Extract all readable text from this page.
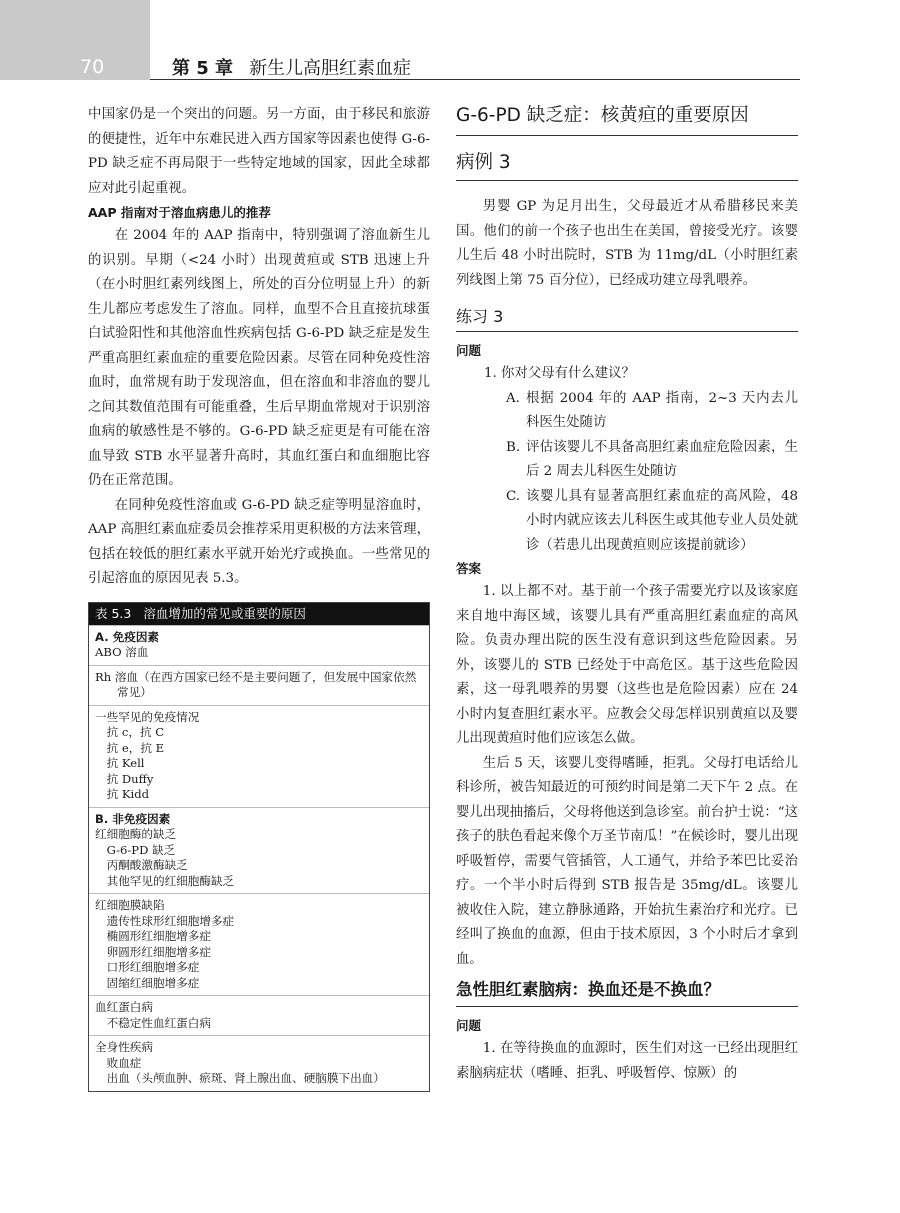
70	第 5 章 新生儿高胆红素血症

中国家仍是一个突出的问题。另一方面，由于移民和旅游的便捷性，近年中东难民进入西方国家等因素也使得 G-6-PD 缺乏症不再局限于一些特定地域的国家，因此全球都应对此引起重视。

AAP 指南对于溶血病患儿的推荐

在 2004 年的 AAP 指南中，特别强调了溶血新生儿的识别。早期（<24 小时）出现黄疸或 STB 迅速上升（在小时胆红素列线图上，所处的百分位明显上升）的新生儿都应考虑发生了溶血。同样，血型不合且直接抗球蛋白试验阳性和其他溶血性疾病包括 G-6-PD 缺乏症是发生严重高胆红素血症的重要危险因素。尽管在同种免疫性溶血时，血常规有助于发现溶血，但在溶血和非溶血的婴儿之间其数值范围有可能重叠，生后早期血常规对于识别溶血病的敏感性是不够的。G-6-PD 缺乏症更是有可能在溶血导致 STB 水平显著升高时，其血红蛋白和血细胞比容仍在正常范围。

在同种免疫性溶血或 G-6-PD 缺乏症等明显溶血时，AAP 高胆红素血症委员会推荐采用更积极的方法来管理，包括在较低的胆红素水平就开始光疗或换血。一些常见的引起溶血的原因见表 5.3。

表 5.3 溶血增加的常见或重要的原因
A. 免疫因素
ABO 溶血
Rh 溶血（在西方国家已经不是主要问题了，但发展中国家依然常见）
一些罕见的免疫情况
抗 c，抗 C
抗 e，抗 E
抗 Kell
抗 Duffy
抗 Kidd
B. 非免疫因素
红细胞酶的缺乏
G-6-PD 缺乏
丙酮酸激酶缺乏
其他罕见的红细胞酶缺乏
红细胞膜缺陷
遗传性球形红细胞增多症
椭圆形红细胞增多症
卵圆形红细胞增多症
口形红细胞增多症
固缩红细胞增多症
血红蛋白病
不稳定性血红蛋白病
全身性疾病
败血症
出血（头颅血肿、瘀斑、肾上腺出血、硬脑膜下出血）
G-6-PD 缺乏症：核黄疸的重要原因
病例 3

男婴 GP 为足月出生，父母最近才从希腊移民来美国。他们的前一个孩子也出生在美国，曾接受光疗。该婴儿生后 48 小时出院时，STB 为 11mg/dL（小时胆红素列线图上第 75 百分位），已经成功建立母乳喂养。

练习 3
问题
1. 你对父母有什么建议？
A. 根据 2004 年的 AAP 指南，2~3 天内去儿科医生处随访
B. 评估该婴儿不具备高胆红素血症危险因素，生后 2 周去儿科医生处随访
C. 该婴儿具有显著高胆红素血症的高风险，48 小时内就应该去儿科医生或其他专业人员处就诊（若患儿出现黄疸则应该提前就诊）
答案

1. 以上都不对。基于前一个孩子需要光疗以及该家庭来自地中海区域，该婴儿具有严重高胆红素血症的高风险。负责办理出院的医生没有意识到这些危险因素。另外，该婴儿的 STB 已经处于中高危区。基于这些危险因素，这一母乳喂养的男婴（这些也是危险因素）应在 24 小时内复查胆红素水平。应教会父母怎样识别黄疸以及婴儿出现黄疸时他们应该怎么做。

生后 5 天，该婴儿变得嗜睡，拒乳。父母打电话给儿科诊所，被告知最近的可预约时间是第二天下午 2 点。在婴儿出现抽搐后，父母将他送到急诊室。前台护士说：“这孩子的肤色看起来像个万圣节南瓜！”在候诊时，婴儿出现呼吸暂停，需要气管插管，人工通气，并给予苯巴比妥治疗。一个半小时后得到 STB 报告是 35mg/dL。该婴儿被收住入院，建立静脉通路，开始抗生素治疗和光疗。已经叫了换血的血源，但由于技术原因，3 个小时后才拿到血。

急性胆红素脑病：换血还是不换血？
问题

1. 在等待换血的血源时，医生们对这一已经出现胆红素脑病症状（嗜睡、拒乳、呼吸暂停、惊厥）的
